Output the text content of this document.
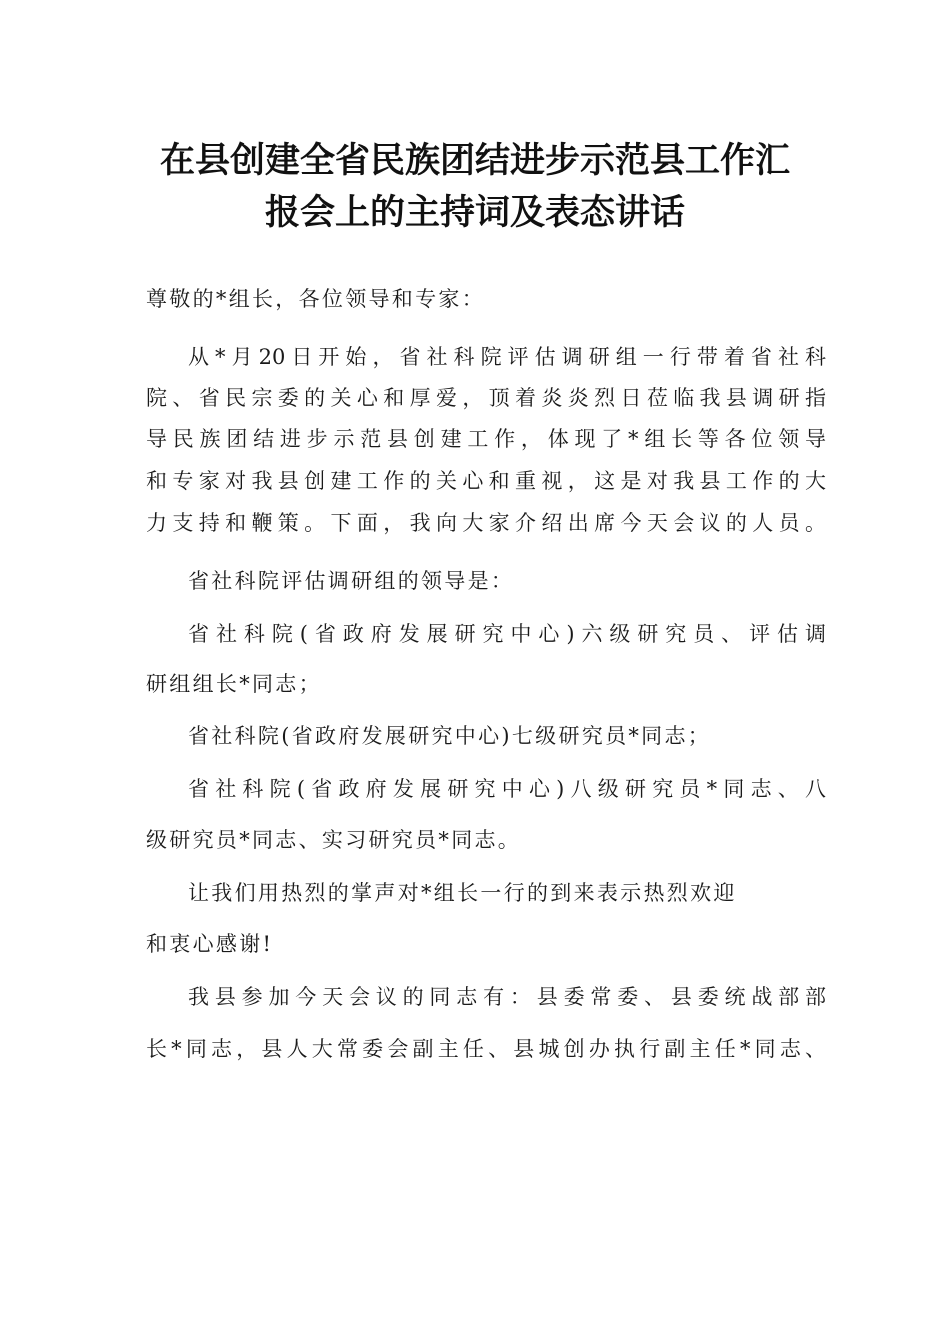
在县创建全省民族团结进步示范县工作汇
报会上的主持词及表态讲话
尊敬的*组长，各位领导和专家：
从*月20日开始，省社科院评估调研组一行带着省社科
院、省民宗委的关心和厚爱，顶着炎炎烈日莅临我县调研指
导民族团结进步示范县创建工作，体现了*组长等各位领导
和专家对我县创建工作的关心和重视，这是对我县工作的大
力支持和鞭策。下面，我向大家介绍出席今天会议的人员。
省社科院评估调研组的领导是：
省社科院(省政府发展研究中心)六级研究员、评估调
研组组长*同志；
省社科院(省政府发展研究中心)七级研究员*同志；
省社科院(省政府发展研究中心)八级研究员*同志、八
级研究员*同志、实习研究员*同志。
让我们用热烈的掌声对*组长一行的到来表示热烈欢迎
和衷心感谢!
我县参加今天会议的同志有：县委常委、县委统战部部
长*同志，县人大常委会副主任、县城创办执行副主任*同志、
